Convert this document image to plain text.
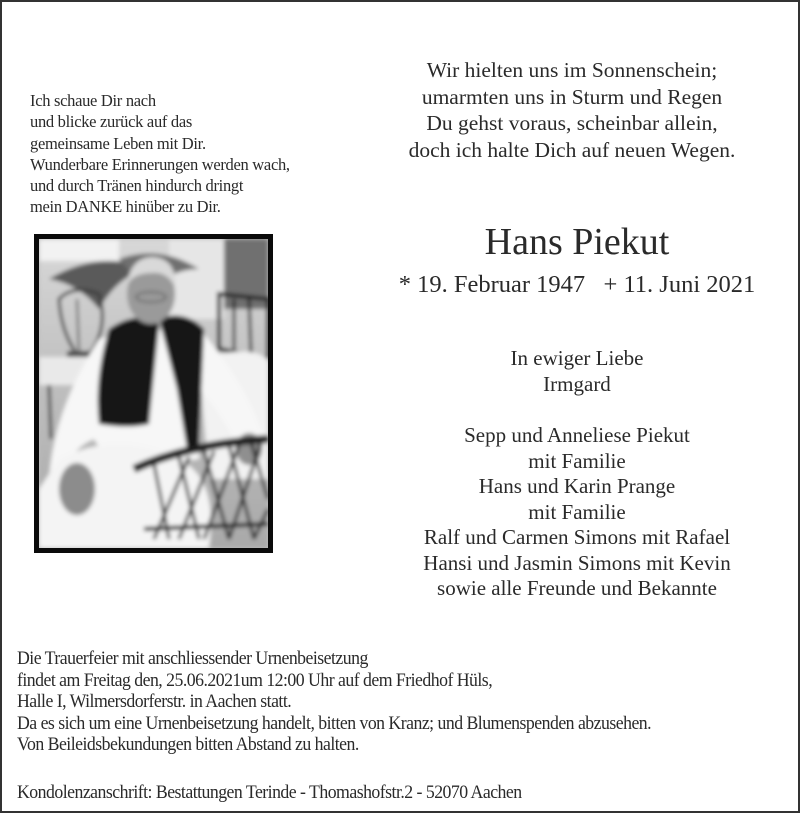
Ich schaue Dir nach
und blicke zurück auf das
gemeinsame Leben mit Dir.
Wunderbare Erinnerungen werden wach,
und durch Tränen hindurch dringt
mein DANKE hinüber zu Dir.
Wir hielten uns im Sonnenschein;
umarmten uns in Sturm und Regen
Du gehst voraus, scheinbar allein,
doch ich halte Dich auf neuen Wegen.
Hans Piekut
* 19. Februar 1947   + 11. Juni 2021
In ewiger Liebe
Irmgard
Sepp und Anneliese Piekut
mit Familie
Hans und Karin Prange
mit Familie
Ralf und Carmen Simons mit Rafael
Hansi und Jasmin Simons mit Kevin
sowie alle Freunde und Bekannte
Die Trauerfeier mit anschliessender Urnenbeisetzung
findet am Freitag den, 25.06.2021um 12:00 Uhr auf dem Friedhof Hüls,
Halle I, Wilmersdorferstr. in Aachen statt.
Da es sich um eine Urnenbeisetzung handelt, bitten von Kranz; und Blumenspenden abzusehen.
Von Beileidsbekundungen bitten Abstand zu halten.
Kondolenzanschrift: Bestattungen Terinde - Thomashofstr.2 - 52070 Aachen
